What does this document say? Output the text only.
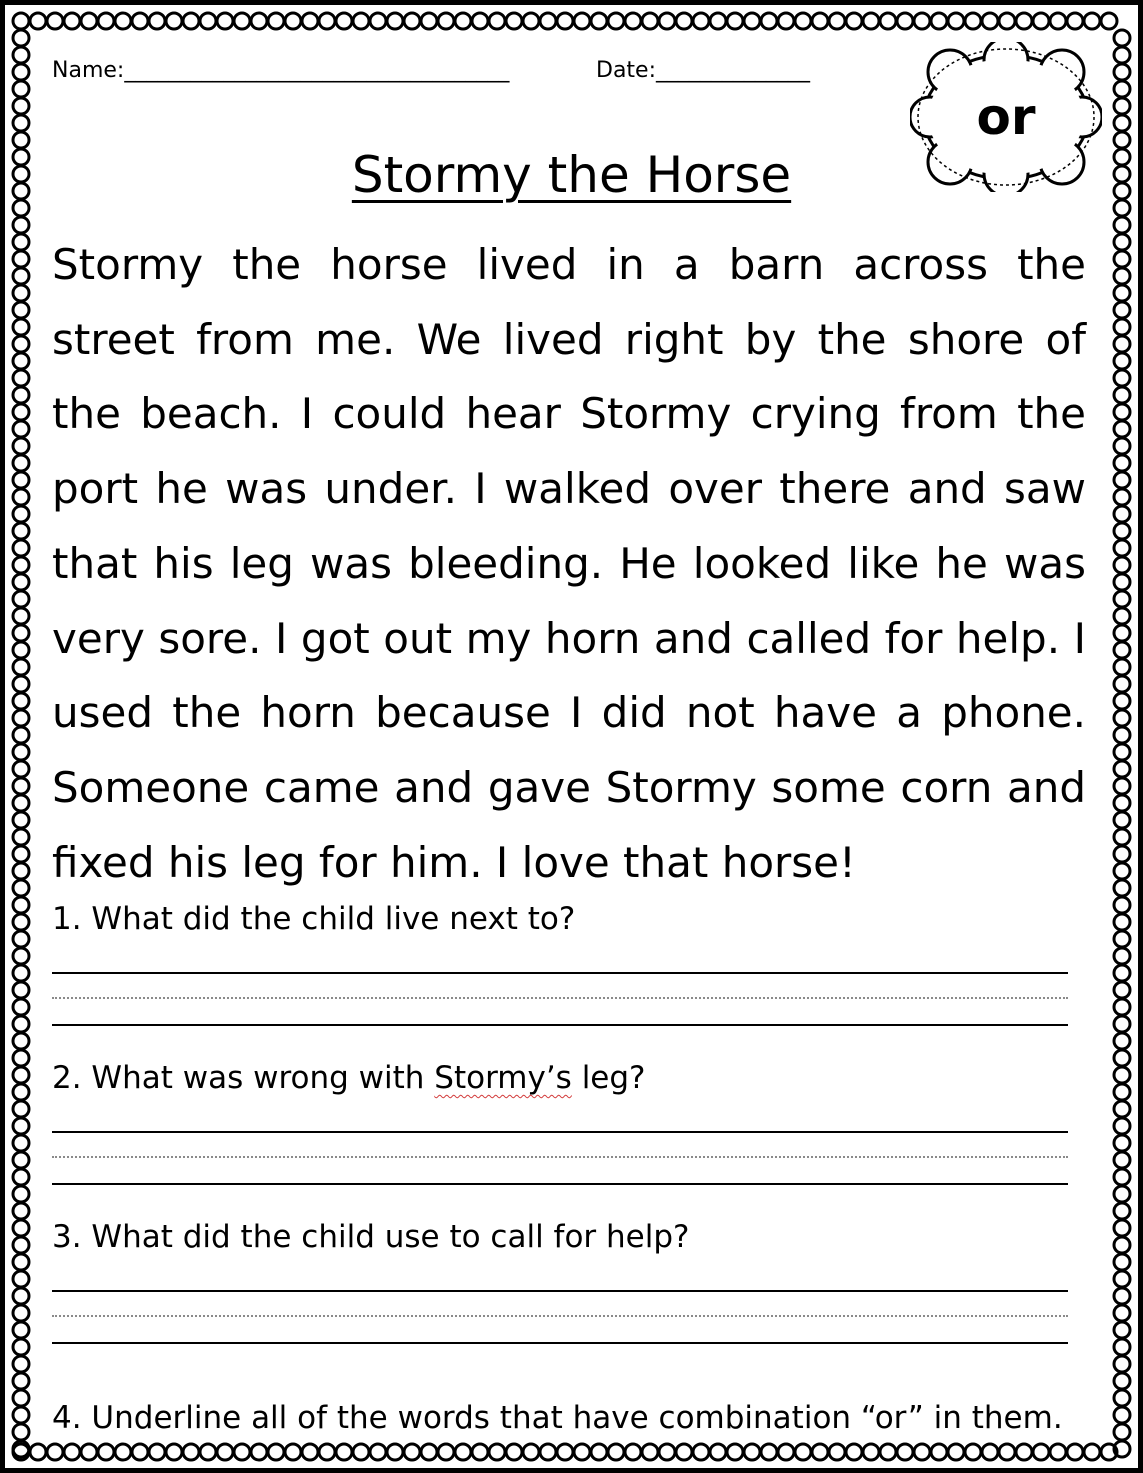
Name:___________________________________	Date:______________
or
Stormy the Horse
Stormy the horse lived in a barn across the street from me. We lived right by the shore of the beach. I could hear Stormy crying from the port he was under. I walked over there and saw that his leg was bleeding. He looked like he was very sore. I got out my horn and called for help. I used the horn because I did not have a phone. Someone came and gave Stormy some corn and fixed his leg for him. I love that horse!
1. What did the child live next to?
2. What was wrong with Stormy’s leg?
3. What did the child use to call for help?
4. Underline all of the words that have combination “or” in them.
